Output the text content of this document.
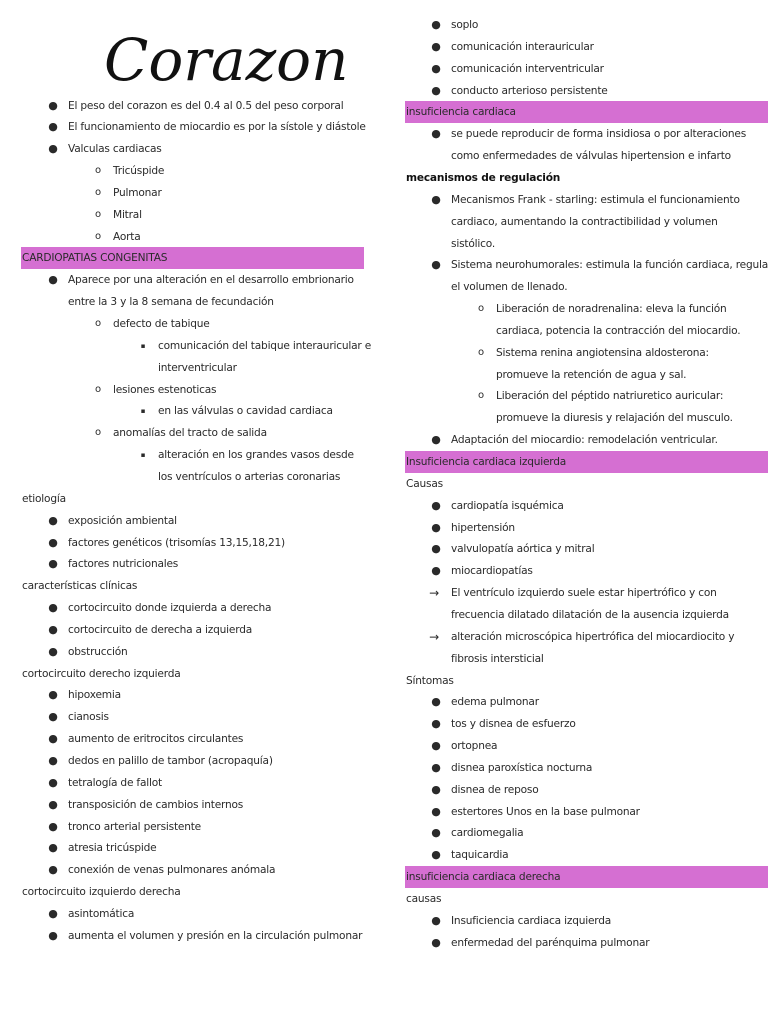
Corazon
● El peso del corazon es del 0.4 al 0.5 del peso corporal
● El funcionamiento de miocardio es por la sístole y diástole
● Valculas cardiacas
o	Tricúspide
o	Pulmonar
o	Mitral
o	Aorta
CARDIOPATIAS CONGENITAS
● Aparece por una alteración en el desarrollo embrionario
entre la 3 y la 8 semana de fecundación
o	defecto de tabique
▪	comunicación del tabique interauricular e
interventricular
o	lesiones estenoticas
▪	en las válvulas o cavidad cardiaca
o	anomalías del tracto de salida
▪	alteración en los grandes vasos desde
los ventrículos o arterias coronarias
etiología
● exposición ambiental
● factores genéticos (trisomías 13,15,18,21)
● factores nutricionales
características clínicas
● cortocircuito donde izquierda a derecha
● cortocircuito de derecha a izquierda
● obstrucción
cortocircuito derecho izquierda
● hipoxemia
● cianosis
● aumento de eritrocitos circulantes
● dedos en palillo de tambor (acropaquía)
● tetralogía de fallot
● transposición de cambios internos
● tronco arterial persistente
● atresia tricúspide
● conexión de venas pulmonares anómala
cortocircuito izquierdo derecha
● asintomática
● aumenta el volumen y presión en la circulación pulmonar
● soplo
● comunicación interauricular
● comunicación interventricular
● conducto arterioso persistente
insuficiencia cardiaca
● se puede reproducir de forma insidiosa o por alteraciones
como enfermedades de válvulas hipertension e infarto
mecanismos de regulación
● Mecanismos Frank - starling: estimula el funcionamiento
cardiaco, aumentando la contractibilidad y volumen
sistólico.
● Sistema neurohumorales: estimula la función cardiaca, regula
el volumen de llenado.
o	Liberación de noradrenalina: eleva la función
cardiaca, potencia la contracción del miocardio.
o	Sistema renina angiotensina aldosterona:
promueve la retención de agua y sal.
o	Liberación del péptido natriuretico auricular:
promueve la diuresis y relajación del musculo.
● Adaptación del miocardio: remodelación ventricular.
Insuficiencia cardiaca izquierda
Causas
● cardiopatía isquémica
● hipertensión
● valvulopatía aórtica y mitral
● miocardiopatías
→ El ventrículo izquierdo suele estar hipertrófico y con
frecuencia dilatado dilatación de la ausencia izquierda
→ alteración microscópica hipertrófica del miocardiocito y
fibrosis intersticial
Síntomas
● edema pulmonar
● tos y disnea de esfuerzo
● ortopnea
● disnea paroxística nocturna
● disnea de reposo
● estertores Unos en la base pulmonar
● cardiomegalia
● taquicardia
insuficiencia cardiaca derecha
causas
● Insuficiencia cardiaca izquierda
● enfermedad del parénquima pulmonar
